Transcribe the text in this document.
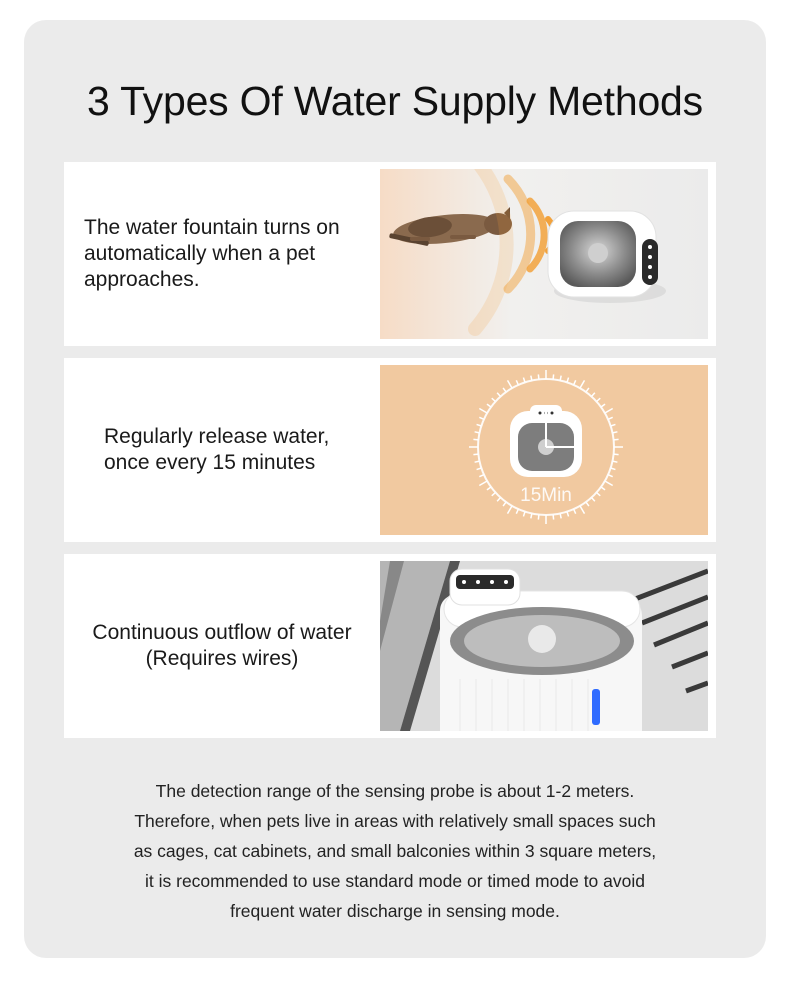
3 Types Of Water Supply Methods
The water fountain turns on
automatically when a pet
approaches.
Regularly release water,
once every 15 minutes
15Min
Continuous outflow of water
(Requires wires)
The detection range of the sensing probe is about 1-2 meters.
Therefore, when pets live in areas with relatively small spaces such
as cages, cat cabinets, and small balconies within 3 square meters,
it is recommended to use standard mode or timed mode to avoid
frequent water discharge in sensing mode.
